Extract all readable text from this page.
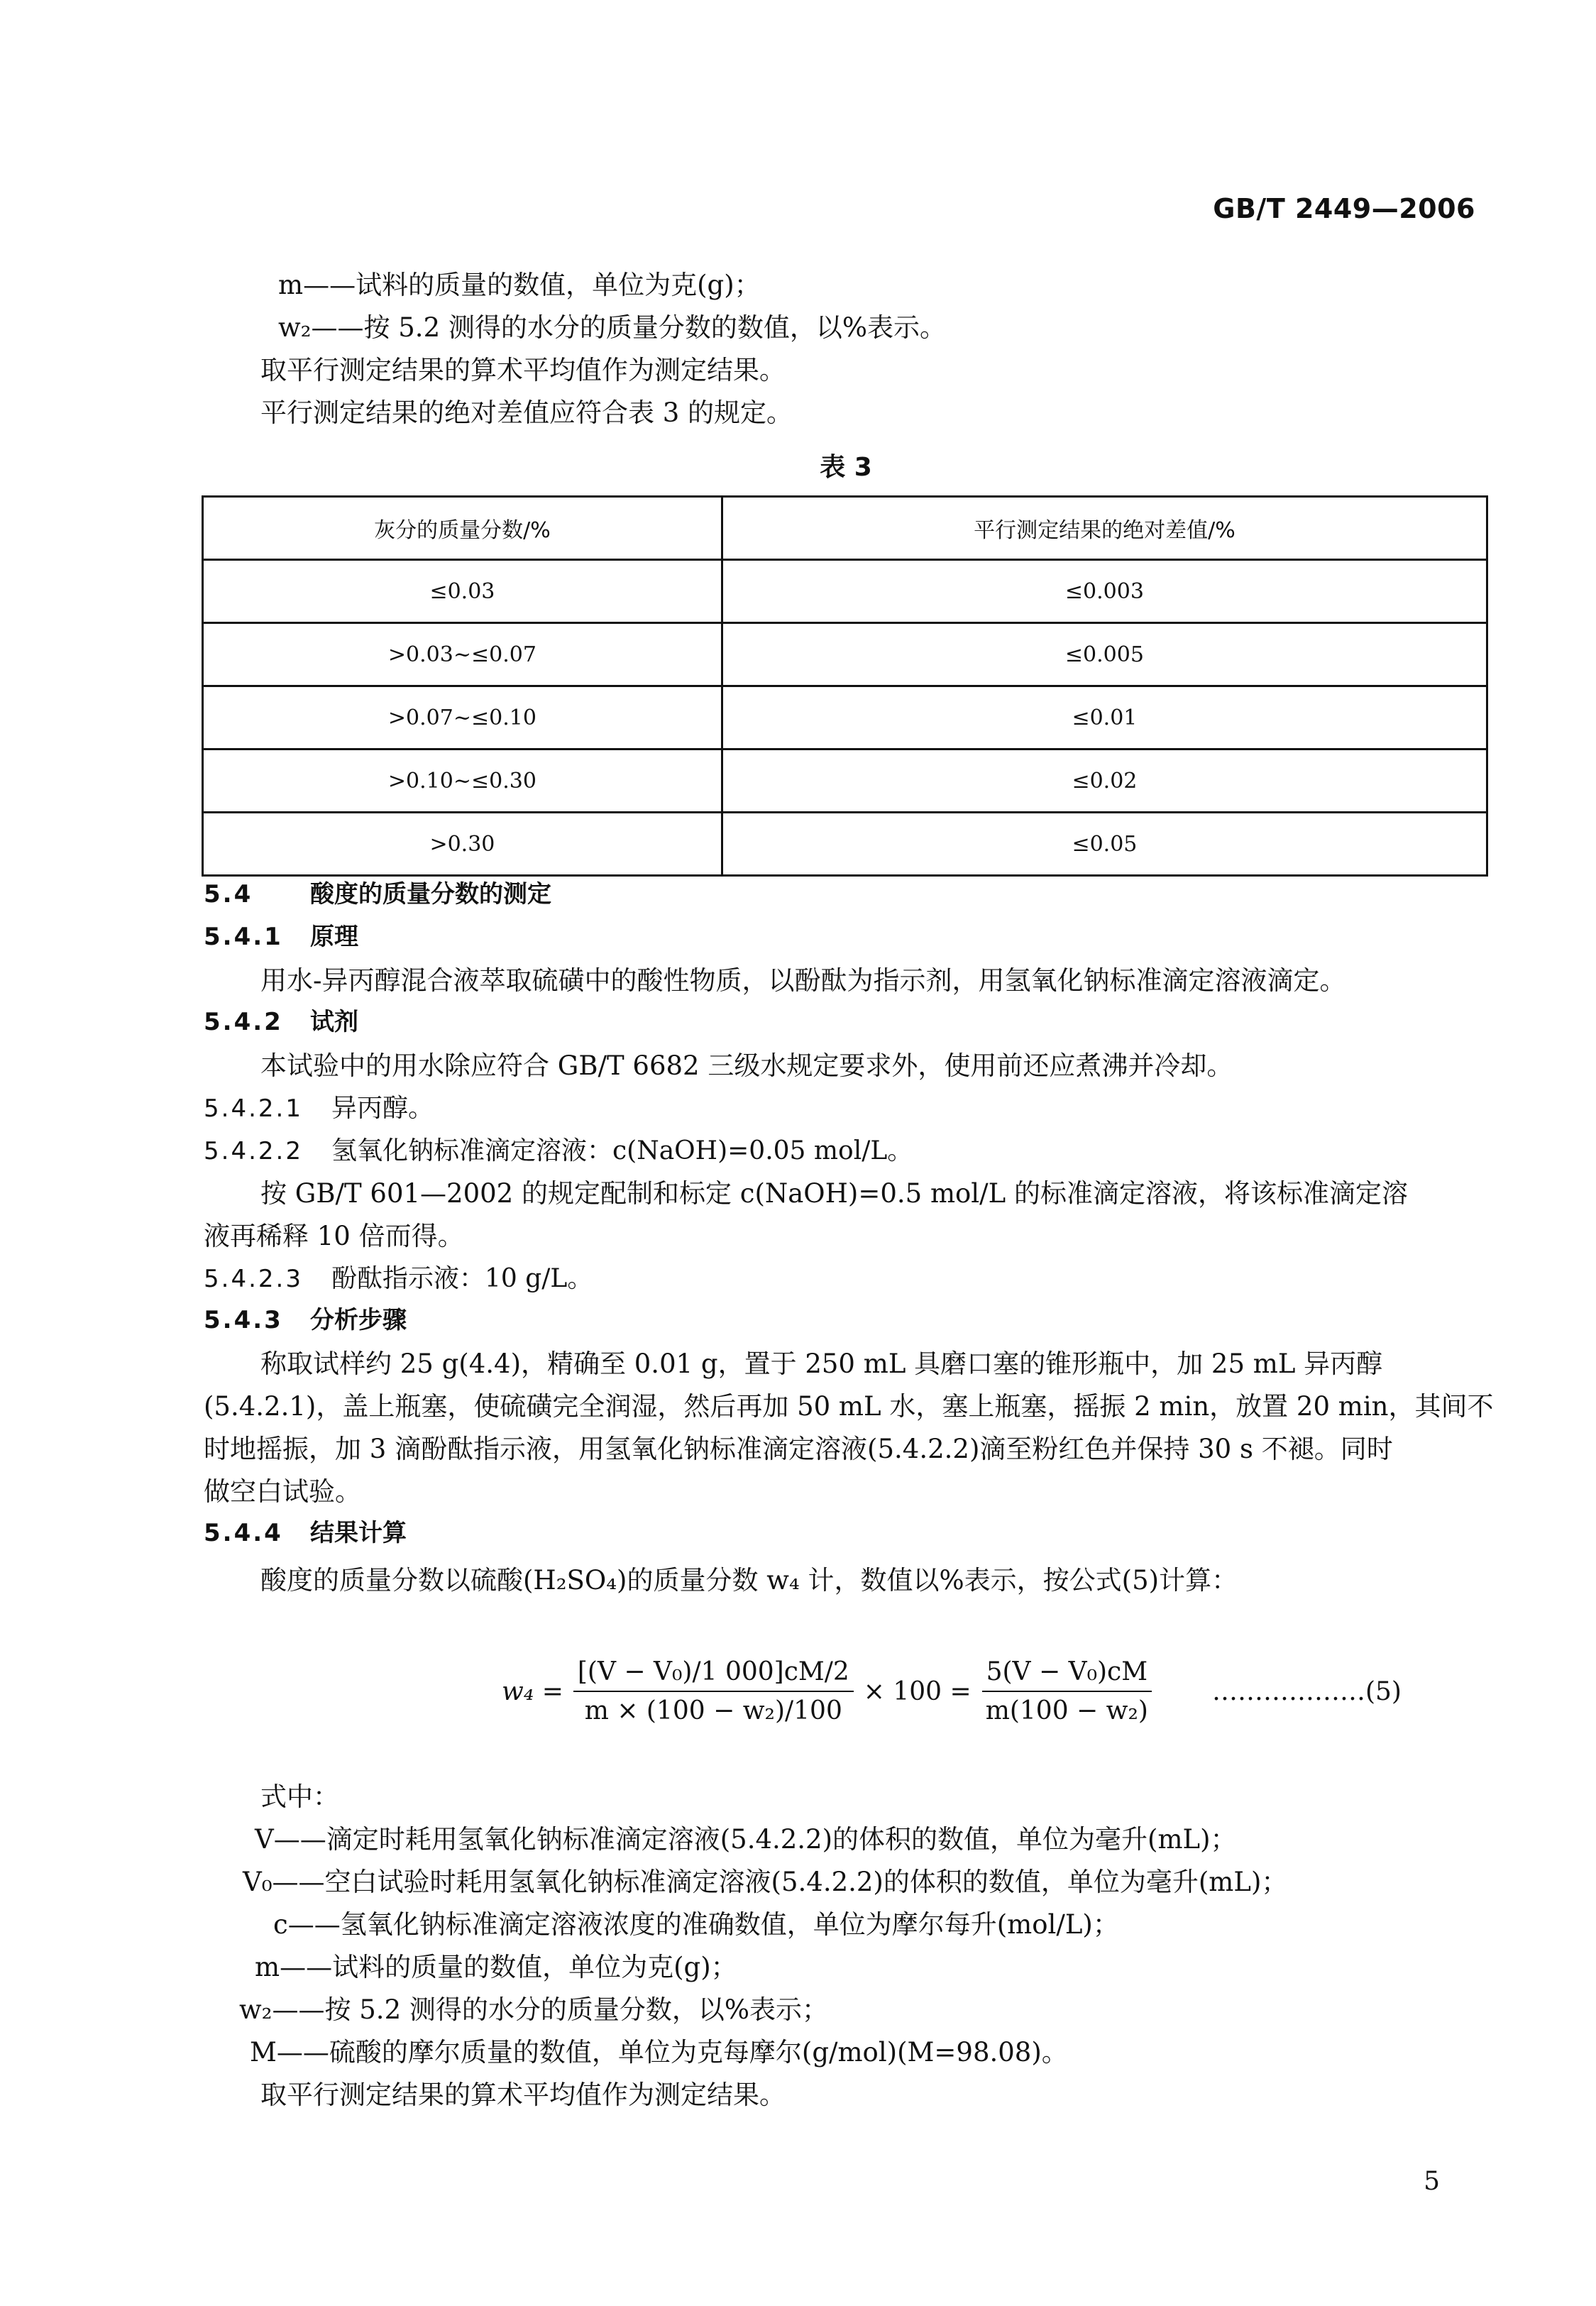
GB/T 2449—2006
m——试料的质量的数值，单位为克(g)；
w₂——按 5.2 测得的水分的质量分数的数值，以%表示。
取平行测定结果的算术平均值作为测定结果。
平行测定结果的绝对差值应符合表 3 的规定。
表 3
灰分的质量分数/%	平行测定结果的绝对差值/%
≤0.03	≤0.003
>0.03~≤0.07	≤0.005
>0.07~≤0.10	≤0.01
>0.10~≤0.30	≤0.02
>0.30	≤0.05
5.4 酸度的质量分数的测定
5.4.1 原理
用水-异丙醇混合液萃取硫磺中的酸性物质，以酚酞为指示剂，用氢氧化钠标准滴定溶液滴定。
5.4.2 试剂
本试验中的用水除应符合 GB/T 6682 三级水规定要求外，使用前还应煮沸并冷却。
5.4.2.1 异丙醇。
5.4.2.2 氢氧化钠标准滴定溶液：c(NaOH)=0.05 mol/L。
按 GB/T 601—2002 的规定配制和标定 c(NaOH)=0.5 mol/L 的标准滴定溶液，将该标准滴定溶
液再稀释 10 倍而得。
5.4.2.3 酚酞指示液：10 g/L。
5.4.3 分析步骤
称取试样约 25 g(4.4)，精确至 0.01 g，置于 250 mL 具磨口塞的锥形瓶中，加 25 mL 异丙醇
(5.4.2.1)，盖上瓶塞，使硫磺完全润湿，然后再加 50 mL 水，塞上瓶塞，摇振 2 min，放置 20 min，其间不
时地摇振，加 3 滴酚酞指示液，用氢氧化钠标准滴定溶液(5.4.2.2)滴至粉红色并保持 30 s 不褪。同时
做空白试验。
5.4.4 结果计算
酸度的质量分数以硫酸(H₂SO₄)的质量分数 w₄ 计，数值以%表示，按公式(5)计算：
$w_4 = \frac{\text{[(V − V₀)/1 000]cM/2}}{\text{m × (100 − w₂)/100}} \times 100 = \frac{\text{5(V − V₀)cM}}{\text{m(100 − w₂)}}$ ………………(5)
式中：
V——滴定时耗用氢氧化钠标准滴定溶液(5.4.2.2)的体积的数值，单位为毫升(mL)；
V₀——空白试验时耗用氢氧化钠标准滴定溶液(5.4.2.2)的体积的数值，单位为毫升(mL)；
c——氢氧化钠标准滴定溶液浓度的准确数值，单位为摩尔每升(mol/L)；
m——试料的质量的数值，单位为克(g)；
w₂——按 5.2 测得的水分的质量分数，以%表示；
M——硫酸的摩尔质量的数值，单位为克每摩尔(g/mol)(M=98.08)。
取平行测定结果的算术平均值作为测定结果。
5
